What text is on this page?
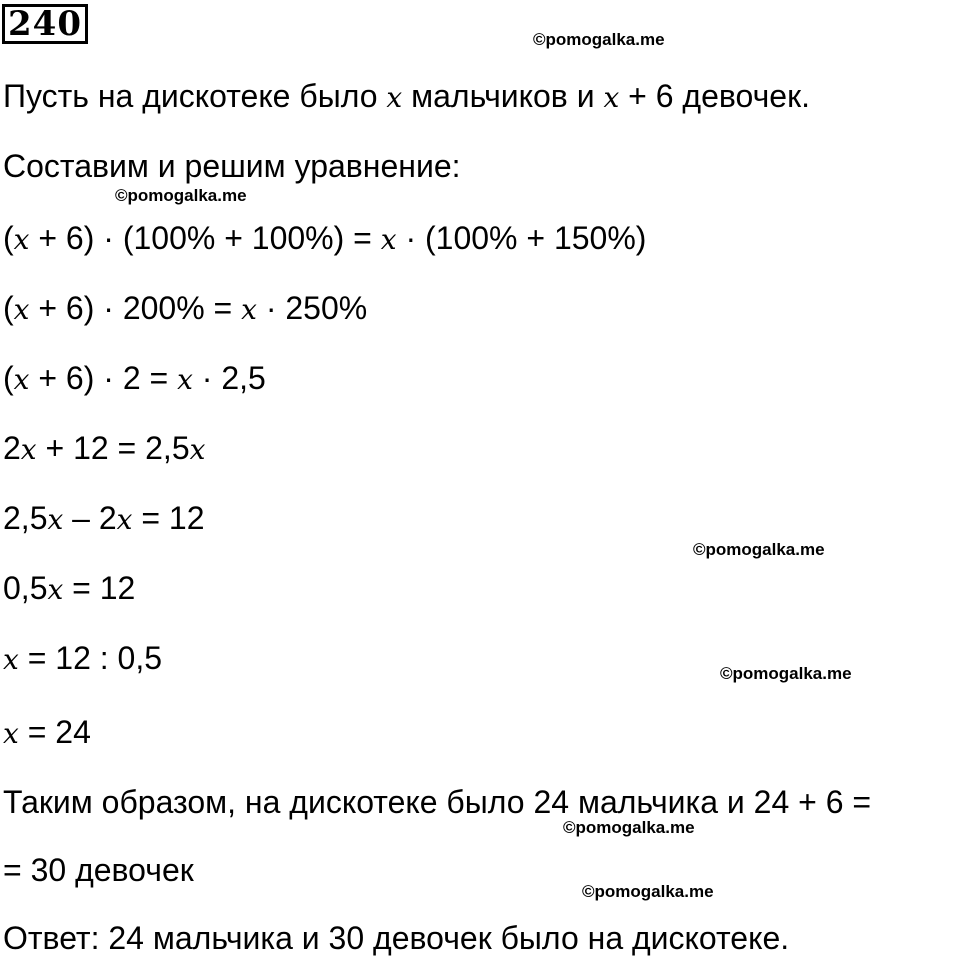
240	©pomogalka.me
Пусть на дискотеке было x мальчиков и x + 6 девочек.
Составим и решим уравнение:
©pomogalka.me
(x + 6) · (100% + 100%) = x · (100% + 150%)
(x + 6) · 200% = x · 250%
(x + 6) · 2 = x · 2,5
2x + 12 = 2,5x
2,5x – 2x = 12
©pomogalka.me
0,5x = 12
x = 12 : 0,5	©pomogalka.me
x = 24
Таким образом, на дискотеке было 24 мальчика и 24 + 6 =
©pomogalka.me
= 30 девочек
©pomogalka.me
Ответ: 24 мальчика и 30 девочек было на дискотеке.
